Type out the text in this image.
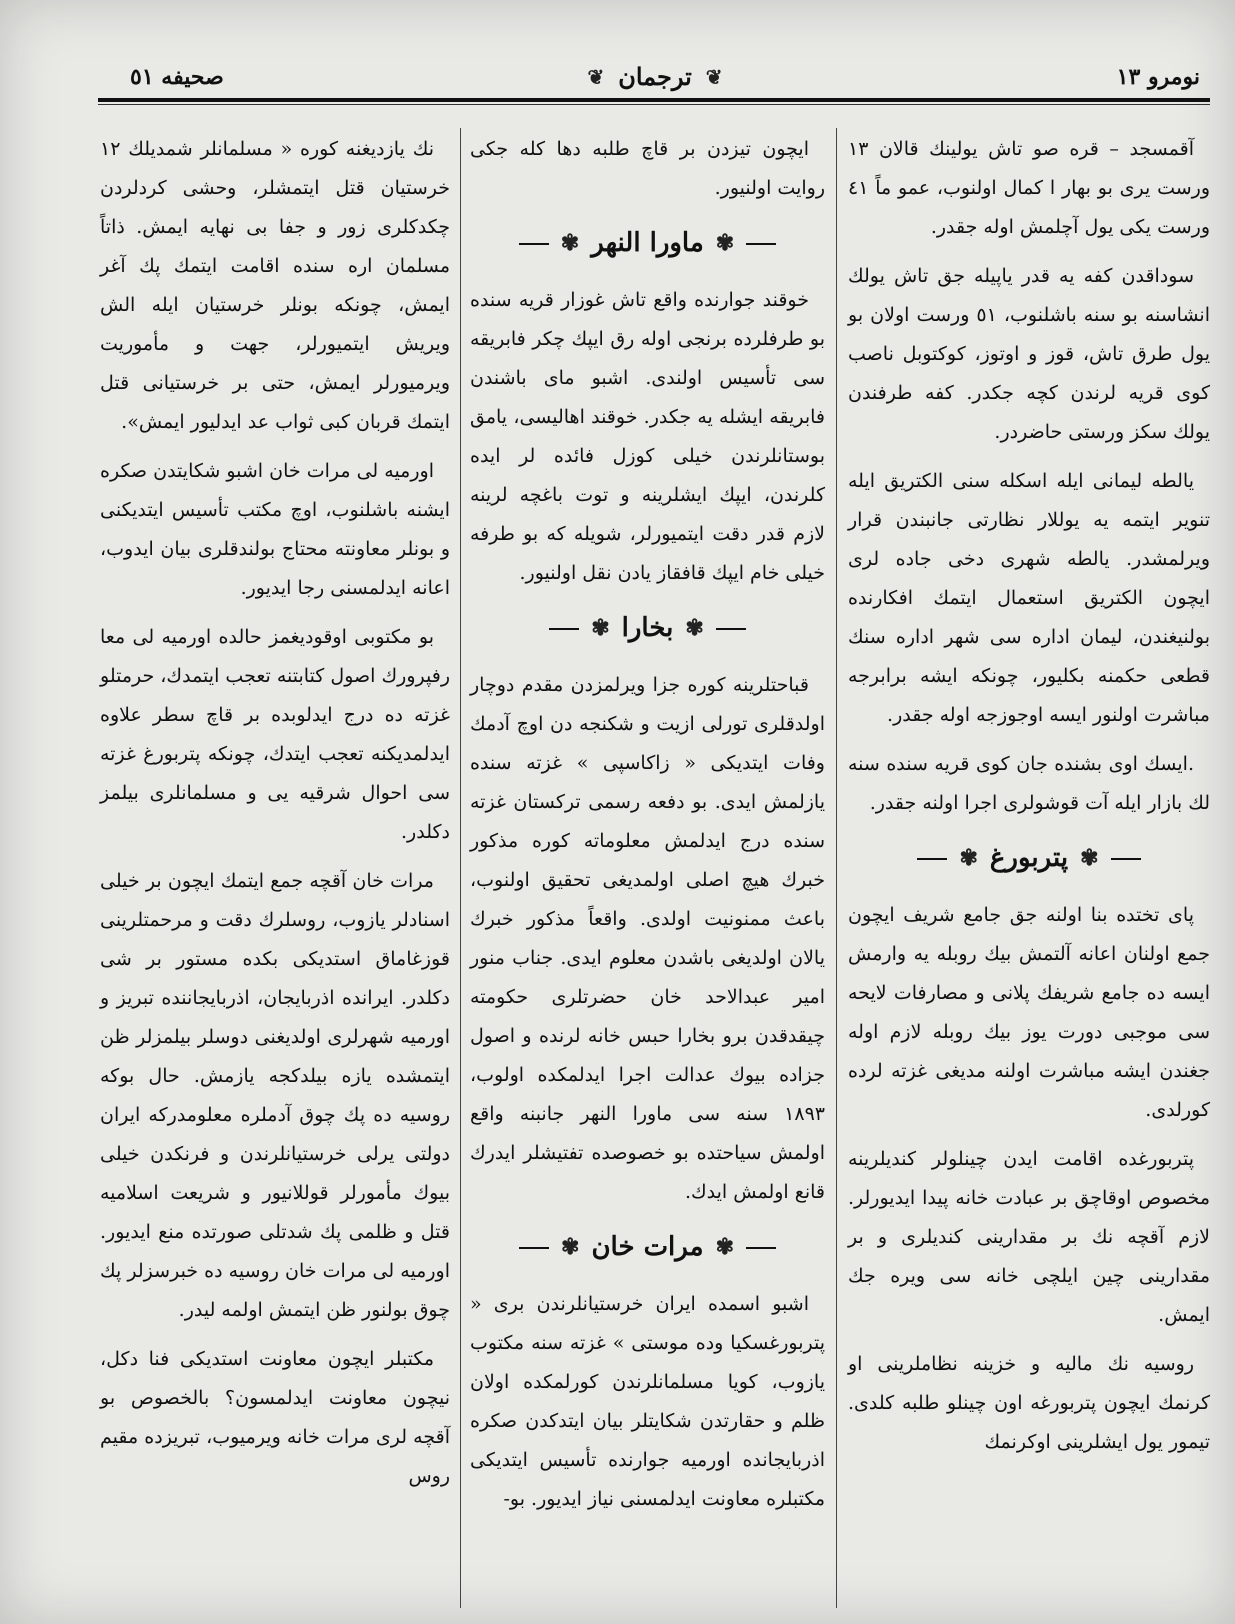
صحيفه ٥١	❦
ترجمان
❦	نومرو ١٣

آقمسجد – قره صو تاش يولينك قالان ١٣ ورست يرى بو بهار ا كمال اولنوب، عمو ماً ٤١ ورست يكى يول آچلمش اوله جقدر.

سوداقدن كفه يه قدر ياپيله جق تاش يولك انشاسنه بو سنه باشلنوب، ٥١ ورست اولان بو يول طرق تاش، قوز و اوتوز، كوكتوبل ناصب كوى قريه لرندن كچه جكدر. كفه طرفندن يولك سكز ورستى حاضردر.

يالطه ليمانى ايله اسكله سنى الكتريق ايله تنوير ايتمه يه يوللار نظارتى جانبندن قرار ويرلمشدر. يالطه شهرى دخى جاده لرى ايچون الكتريق استعمال ايتمك افكارنده بولنيغندن، ليمان اداره سى شهر اداره سنك قطعى حكمنه بكليور، چونكه ايشه برابرجه مباشرت اولنور ايسه اوجوزجه اوله جقدر.

.ايسك اوى بشنده جان كوى قريه سنده سنه لك بازار ايله آت قوشولرى اجرا اولنه جقدر.

✾
پتربورغ
✾

پاى تختده بنا اولنه جق جامع شريف ايچون جمع اولنان اعانه آلتمش بيك روبله يه وارمش ايسه ده جامع شريفك پلانى و مصارفات لايحه سى موجبى دورت يوز بيك روبله لازم اوله جغندن ايشه مباشرت اولنه مديغى غزته لرده كورلدى.

پتربورغده اقامت ايدن چينلولر كنديلرينه مخصوص اوقاچق بر عبادت خانه پيدا ايديورلر. لازم آقچه نك بر مقدارينى كنديلرى و بر مقدارينى چين ايلچى خانه سى ويره جك ايمش.

روسيه نك ماليه و خزينه نظاملرينى او كرنمك ايچون پتربورغه اون چينلو طلبه كلدى. تيمور يول ايشلرينى اوكرنمك

ايچون تيزدن بر قاچ طلبه دها كله جكى روايت اولنيور.

✾
ماورا النهر
✾

خوقند جوارنده واقع تاش غوزار قريه سنده بو طرفلرده برنجى اوله رق ايپك چكر فابريقه سى تأسيس اولندى. اشبو ماى باشندن فابريقه ايشله يه جكدر. خوقند اهاليسى، يامق بوستانلرندن خيلى كوزل فائده لر ايده كلرندن، ايپك ايشلرينه و توت باغچه لرينه لازم قدر دقت ايتميورلر، شويله كه بو طرفه خيلى خام ايپك قافقاز يادن نقل اولنيور.

✾
بخارا
✾

قباحتلرينه كوره جزا ويرلمزدن مقدم دوچار اولدقلرى تورلى ازيت و شكنجه دن اوچ آدمك وفات ايتديكى « زاكاسپى » غزته سنده يازلمش ايدى. بو دفعه رسمى تركستان غزته سنده درج ايدلمش معلوماته كوره مذكور خبرك هيچ اصلى اولمديغى تحقيق اولنوب، باعث ممنونيت اولدى. واقعاً مذكور خبرك يالان اولديغى باشدن معلوم ايدى. جناب منور امير عبدالاحد خان حضرتلرى حكومته چيقدقدن برو بخارا حبس خانه لرنده و اصول جزاده بيوك عدالت اجرا ايدلمكده اولوب، ١٨٩٣ سنه سى ماورا النهر جانبنه واقع اولمش سياحتده بو خصوصده تفتيشلر ايدرك قانع اولمش ايدك.

✾
مرات خان
✾

اشبو اسمده ايران خرستيانلرندن برى « پتربورغسكيا وده موستى » غزته سنه مكتوب يازوب، كويا مسلمانلرندن كورلمكده اولان ظلم و حقارتدن شكايتلر بيان ايتدكدن صكره اذربايجانده اورميه جوارنده تأسيس ايتديكى مكتبلره معاونت ايدلمسنى نياز ايديور. بو-

نك يازديغنه كوره « مسلمانلر شمديلك ١٢ خرستيان قتل ايتمشلر، وحشى كردلردن چكدكلرى زور و جفا بى نهايه ايمش. ذاتاً مسلمان اره سنده اقامت ايتمك پك آغر ايمش، چونكه بونلر خرستيان ايله الش ويريش ايتميورلر، جهت و مأموريت ويرميورلر ايمش، حتى بر خرستيانى قتل ايتمك قربان كبى ثواب عد ايدليور ايمش».

اورميه لى مرات خان اشبو شكايتدن صكره ايشنه باشلنوب، اوچ مكتب تأسيس ايتديكنى و بونلر معاونته محتاج بولندقلرى بيان ايدوب، اعانه ايدلمسنى رجا ايديور.

بو مكتوبى اوقوديغمز حالده اورميه لى معا رفپرورك اصول كتابتنه تعجب ايتمدك، حرمتلو غزته ده درج ايدلوبده بر قاچ سطر علاوه ايدلمديكنه تعجب ايتدك، چونكه پتربورغ غزته سى احوال شرقيه يى و مسلمانلرى بيلمز دكلدر.

مرات خان آقچه جمع ايتمك ايچون بر خيلى اسنادلر يازوب، روسلرك دقت و مرحمتلرينى قوزغاماق استديكى بكده مستور بر شى دكلدر. ايرانده اذربايجان، اذربايجاننده تبريز و اورميه شهرلرى اولديغنى دوسلر بيلمزلر ظن ايتمشده يازه بيلدكجه يازمش. حال بوكه روسيه ده پك چوق آدملره معلومدركه ايران دولتى يرلى خرستيانلرندن و فرنكدن خيلى بيوك مأمورلر قوللانيور و شريعت اسلاميه قتل و ظلمى پك شدتلى صورتده منع ايديور. اورميه لى مرات خان روسيه ده خبرسزلر پك چوق بولنور ظن ايتمش اولمه ليدر.

مكتبلر ايچون معاونت استديكى فنا دكل، نيچون معاونت ايدلمسون؟ بالخصوص بو آقچه لرى مرات خانه ويرميوب، تبريزده مقيم روس
